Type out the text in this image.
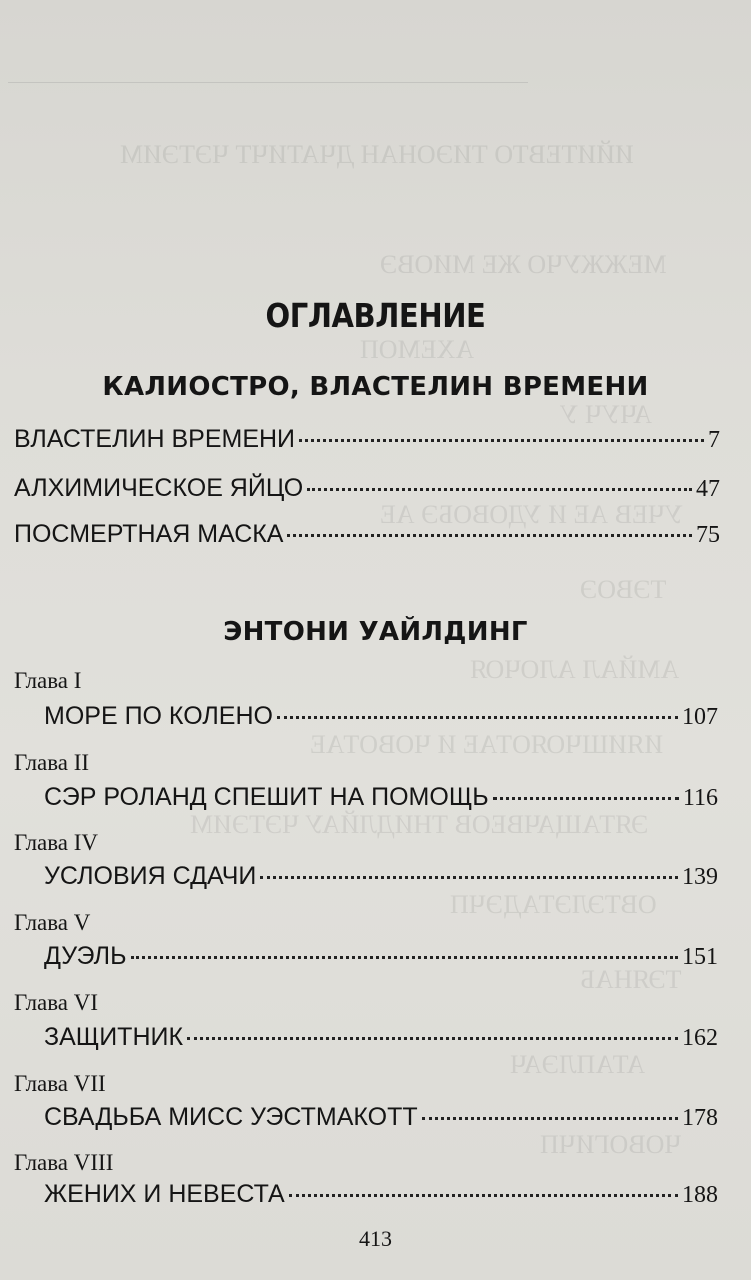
ИЙИТЕВТО ТИЭОНАН ДЧАТИЧТ ЧЭТЭИМ
МЕЖЖУЧО ЖЕ МИОВЭ
АХЕМОП
АЧУЧ У
УЧЕВ АЕ И УДОВОБЭ АЕ
ТЭВОЭ
АМЙАЛ АЛОЧОЯ
ИЯИШЧОЯОТАЕ И ЧОВОТАЕ
ЭЯТАЩАЧВЕОВ ТНИДЛЙАУ ЧЭТЭИМ
ОВТЭЛЭТАДЭЧП
ТЭЯНАБ
АТАПЛЭАЧ
ЧОВОГИЧП
ОГЛАВЛЕНИЕ
КАЛИОСТРО, ВЛАСТЕЛИН ВРЕМЕНИ
ВЛАСТЕЛИН ВРЕМЕНИ	7
АЛХИМИЧЕСКОЕ ЯЙЦО	47
ПОСМЕРТНАЯ МАСКА	75
ЭНТОНИ УАЙЛДИНГ
Глава I
МОРЕ ПО КОЛЕНО	107
Глава II
СЭР РОЛАНД СПЕШИТ НА ПОМОЩЬ	116
Глава IV
УСЛОВИЯ СДАЧИ	139
Глава V
ДУЭЛЬ	151
Глава VI
ЗАЩИТНИК	162
Глава VII
СВАДЬБА МИСС УЭСТМАКОТТ	178
Глава VIII
ЖЕНИХ И НЕВЕСТА	188
413
